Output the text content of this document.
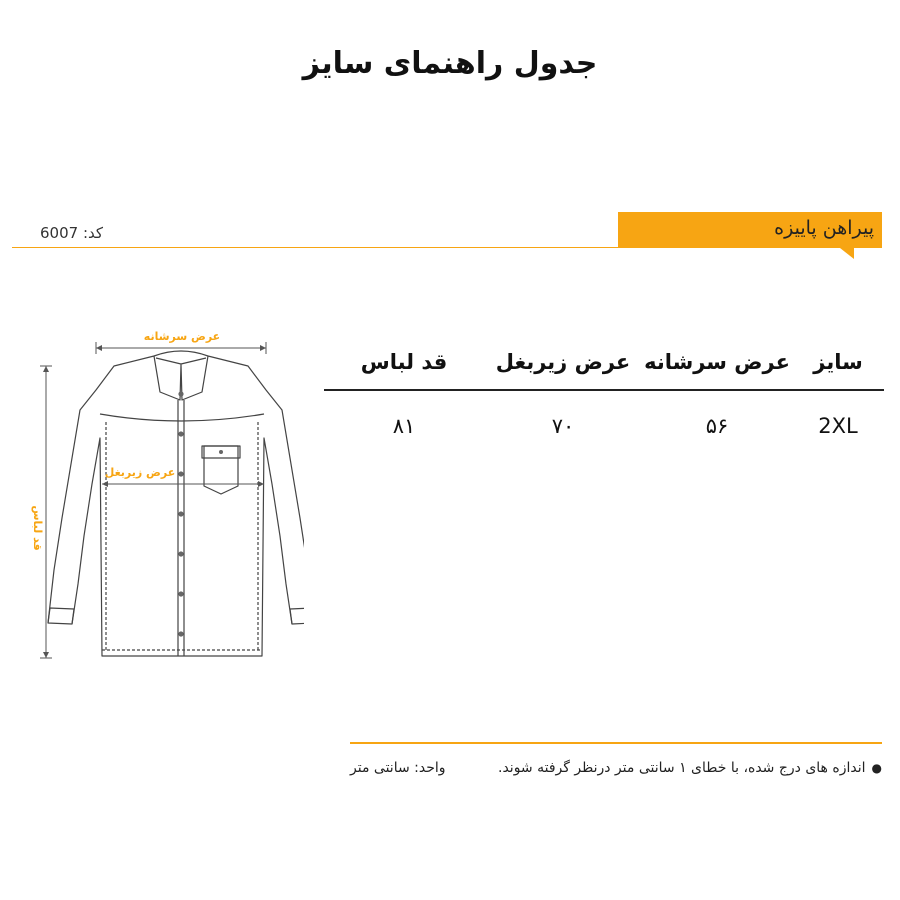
جدول راهنمای سایز
پیراهن پاییزه
کد: 6007
عرض سرشانه
عرض زیربغل
قد لباس
سایز	عرض سرشانه	عرض زیربغل	قد لباس
2XL	۵۶	۷۰	۸۱
●اندازه های درج شده، با خطای ۱ سانتی متر درنظر گرفته شوند.
واحد: سانتی متر
